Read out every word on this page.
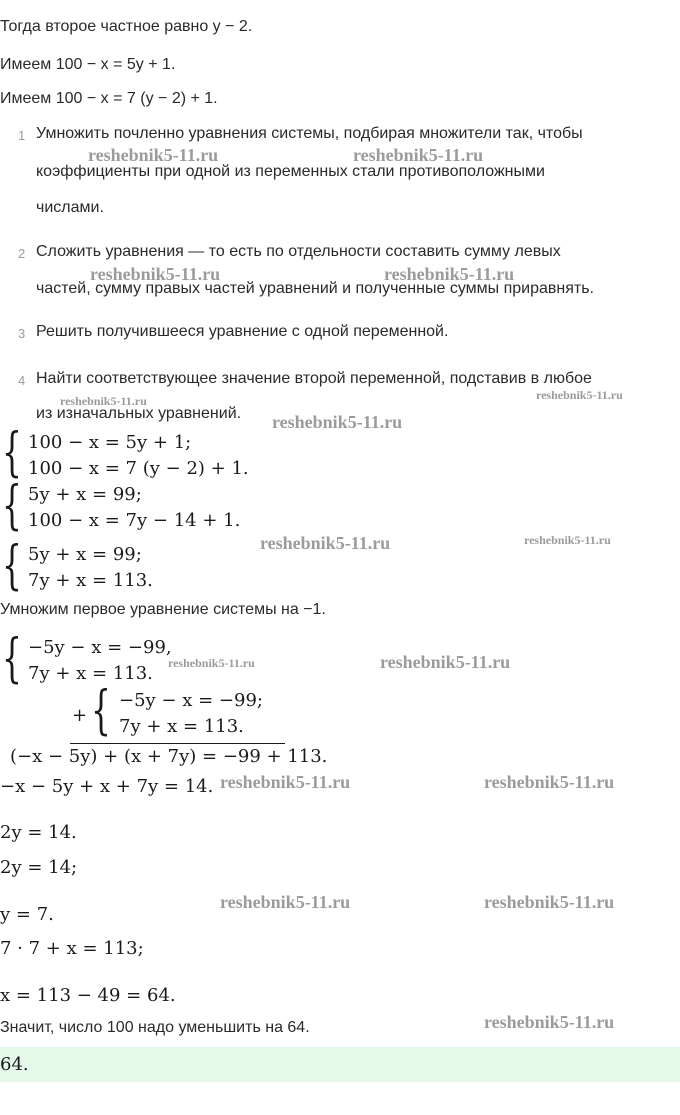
Тогда второе частное равно y − 2.
Имеем 100 − x = 5y + 1.
Имеем 100 − x = 7 (y − 2) + 1.
1 Умножить почленно уравнения системы, подбирая множители так, чтобы
коэффициенты при одной из переменных стали противоположными
числами.
2 Сложить уравнения — то есть по отдельности составить сумму левых
частей, сумму правых частей уравнений и полученные суммы приравнять.
3 Решить получившееся уравнение с одной переменной.
4 Найти соответствующее значение второй переменной, подставив в любое
из изначальных уравнений.
{ 100 − x = 5y + 1;
100 − x = 7 (y − 2) + 1.
{ 5y + x = 99;
100 − x = 7y − 14 + 1.
{ 5y + x = 99;
7y + x = 113.
Умножим первое уравнение системы на −1.
{ −5y − x = −99,
7y + x = 113.
+ { −5y − x = −99;
7y + x = 113.
(−x − 5y) + (x + 7y) = −99 + 113.
−x − 5y + x + 7y = 14.
2y = 14.
2y = 14;
y = 7.
7 · 7 + x = 113;
x = 113 − 49 = 64.
Значит, число 100 надо уменьшить на 64.
64.
reshebnik5-11.ru	reshebnik5-11.ru
reshebnik5-11.ru	reshebnik5-11.ru
reshebnik5-11.ru	reshebnik5-11.ru
reshebnik5-11.ru
reshebnik5-11.ru	reshebnik5-11.ru
reshebnik5-11.ru	reshebnik5-11.ru
reshebnik5-11.ru	reshebnik5-11.ru
reshebnik5-11.ru	reshebnik5-11.ru
reshebnik5-11.ru
